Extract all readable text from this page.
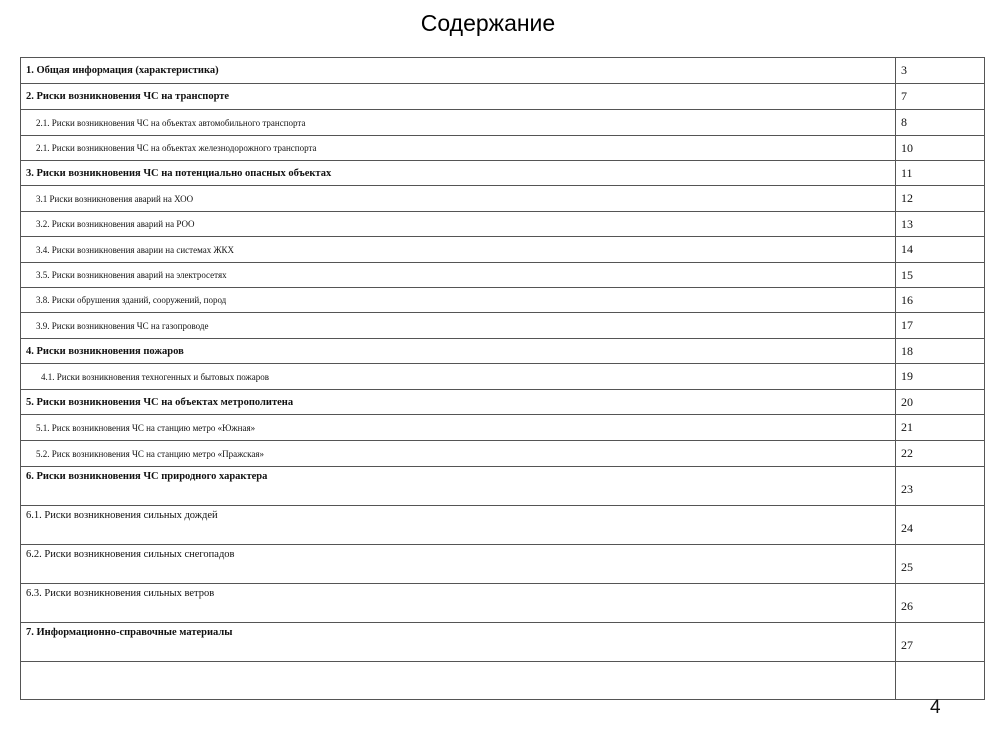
Содержание
1. Общая информация (характеристика)	3
2. Риски возникновения ЧС на транспорте	7
2.1. Риски возникновения ЧС на объектах автомобильного транспорта	8
2.1. Риски возникновения ЧС на объектах железнодорожного транспорта	10
3. Риски возникновения ЧС на потенциально опасных объектах	11
3.1 Риски возникновения аварий на ХОО	12
3.2. Риски возникновения аварий на РОО	13
3.4. Риски возникновения аварии на системах ЖКХ	14
3.5. Риски возникновения аварий на электросетях	15
3.8. Риски обрушения зданий, сооружений, пород	16
3.9. Риски возникновения ЧС на газопроводе	17
4. Риски возникновения пожаров	18
4.1. Риски возникновения техногенных и бытовых пожаров	19
5. Риски возникновения ЧС на объектах метрополитена	20
5.1. Риск возникновения ЧС на станцию метро «Южная»	21
5.2. Риск возникновения ЧС на станцию метро «Пражская»	22
6. Риски возникновения ЧС природного характера	23
6.1. Риски возникновения сильных дождей	24
6.2. Риски возникновения сильных снегопадов	25
6.3. Риски возникновения сильных ветров	26
7. Информационно-справочные материалы	27

4
